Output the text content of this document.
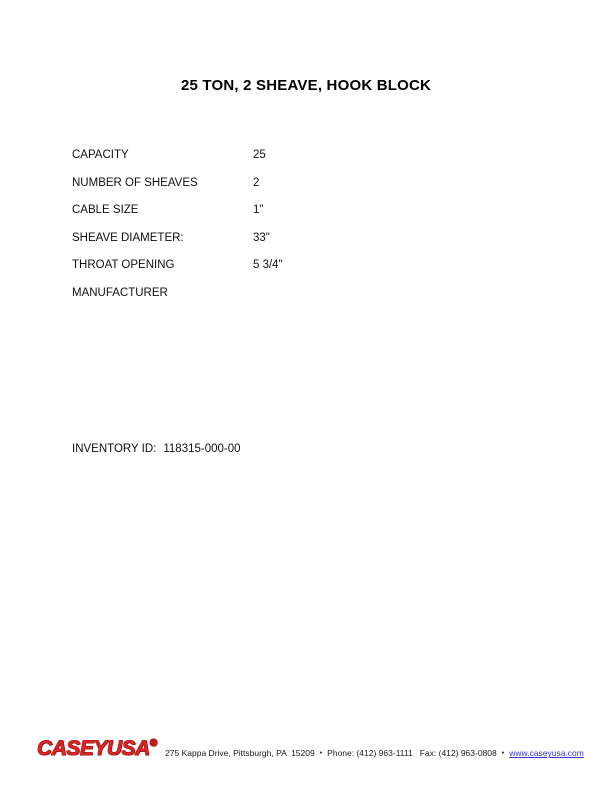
25 TON, 2 SHEAVE, HOOK BLOCK
CAPACITY	25
NUMBER OF SHEAVES	2
CABLE SIZE	1"
SHEAVE DIAMETER:	33"
THROAT OPENING	5 3/4"
MANUFACTURER
INVENTORY ID: 118315-000-00
CASEYUSA®
275 Kappa Drive, Pittsburgh, PA  15209 • Phone: (412) 963-1111 Fax: (412) 963-0808 • www.caseyusa.com
